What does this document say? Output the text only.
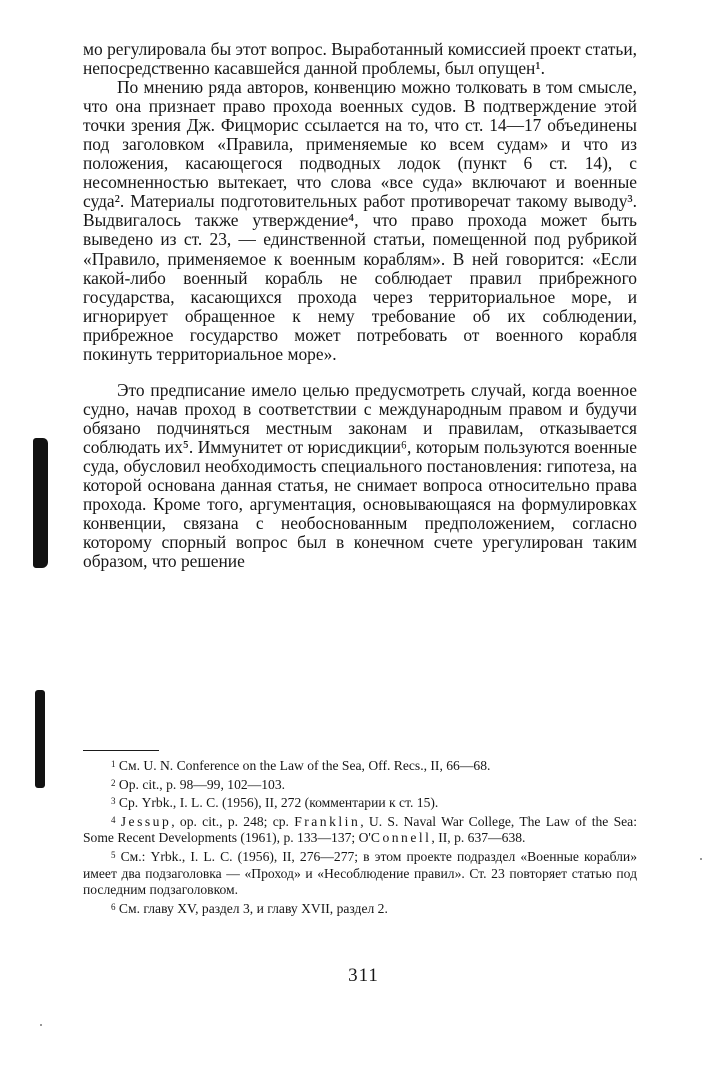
мо регулировала бы этот вопрос. Выработанный комиссией проект статьи, непосредственно касавшейся данной проблемы, был опущен¹.

По мнению ряда авторов, конвенцию можно толковать в том смысле, что она признает право прохода военных судов. В подтверждение этой точки зрения Дж. Фицморис ссылается на то, что ст. 14—17 объединены под заголовком «Правила, применяемые ко всем судам» и что из положения, касающегося подводных лодок (пункт 6 ст. 14), с несомненностью вытекает, что слова «все суда» включают и военные суда². Материалы подготовительных работ противоречат такому выводу³. Выдвигалось также утверждение⁴, что право прохода может быть выведено из ст. 23, — единственной статьи, помещенной под рубрикой «Правило, применяемое к военным кораблям». В ней говорится: «Если какой-либо военный корабль не соблюдает правил прибрежного государства, касающихся прохода через территориальное море, и игнорирует обращенное к нему требование об их соблюдении, прибрежное государство может потребовать от военного корабля покинуть территориальное море».

Это предписание имело целью предусмотреть случай, когда военное судно, начав проход в соответствии с международным правом и будучи обязано подчиняться местным законам и правилам, отказывается соблюдать их⁵. Иммунитет от юрисдикции⁶, которым пользуются военные суда, обусловил необходимость специального постановления: гипотеза, на которой основана данная статья, не снимает вопроса относительно права прохода. Кроме того, аргументация, основывающаяся на формулировках конвенции, связана с необоснованным предположением, согласно которому спорный вопрос был в конечном счете урегулирован таким образом, что решение

$^1$ См. U. N. Conference on the Law of the Sea, Off. Recs., II, 66—68.

$^2$ Op. cit., p. 98—99, 102—103.

$^3$ Ср. Yrbk., I. L. C. (1956), II, 272 (комментарии к ст. 15).

$^4$ Jessup, op. cit., p. 248; cp. Franklin, U. S. Naval War College, The Law of the Sea: Some Recent Developments (1961), p. 133—137; O'Connell, II, p. 637—638.

$^5$ См.: Yrbk., I. L. C. (1956), II, 276—277; в этом проекте подраздел «Военные корабли» имеет два подзаголовка — «Проход» и «Несоблюдение правил». Ст. 23 повторяет статью под последним подзаголовком.

$^6$ См. главу XV, раздел 3, и главу XVII, раздел 2.

311
